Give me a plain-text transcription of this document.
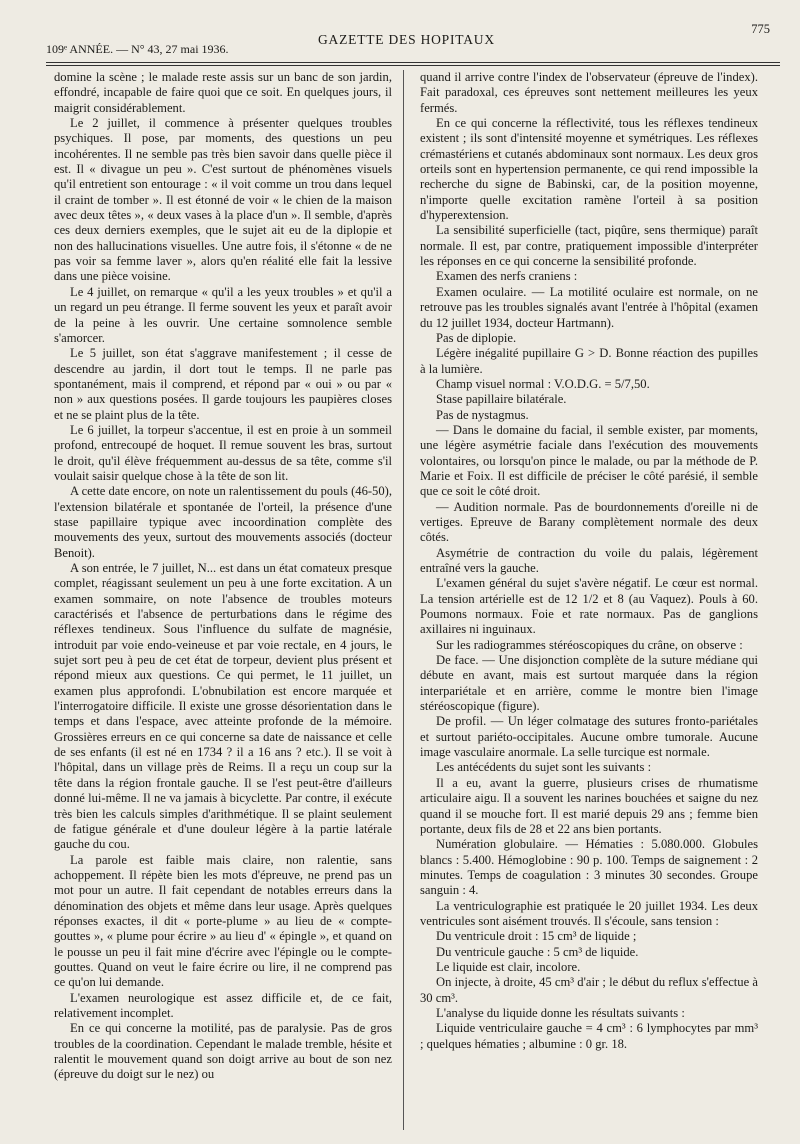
109ᵉ ANNÉE. — N° 43, 27 mai 1936.
GAZETTE DES HOPITAUX
775

domine la scène ; le malade reste assis sur un banc de son jardin, effondré, incapable de faire quoi que ce soit. En quelques jours, il maigrit considérablement.

Le 2 juillet, il commence à présenter quelques troubles psychiques. Il pose, par moments, des questions un peu incohérentes. Il ne semble pas très bien savoir dans quelle pièce il est. Il « divague un peu ». C'est surtout de phénomènes visuels qu'il entretient son entourage : « il voit comme un trou dans lequel il craint de tomber ». Il est étonné de voir « le chien de la maison avec deux têtes », « deux vases à la place d'un ». Il semble, d'après ces deux derniers exemples, que le sujet ait eu de la diplopie et non des hallucinations visuelles. Une autre fois, il s'étonne « de ne pas voir sa femme laver », alors qu'en réalité elle fait la lessive dans une pièce voisine.

Le 4 juillet, on remarque « qu'il a les yeux troubles » et qu'il a un regard un peu étrange. Il ferme souvent les yeux et paraît avoir de la peine à les ouvrir. Une certaine somnolence semble s'amorcer.

Le 5 juillet, son état s'aggrave manifestement ; il cesse de descendre au jardin, il dort tout le temps. Il ne parle pas spontanément, mais il comprend, et répond par « oui » ou par « non » aux questions posées. Il garde toujours les paupières closes et ne se plaint plus de la tête.

Le 6 juillet, la torpeur s'accentue, il est en proie à un sommeil profond, entrecoupé de hoquet. Il remue souvent les bras, surtout le droit, qu'il élève fréquemment au-dessus de sa tête, comme s'il voulait saisir quelque chose à la tête de son lit.

A cette date encore, on note un ralentissement du pouls (46-50), l'extension bilatérale et spontanée de l'orteil, la présence d'une stase papillaire typique avec incoordination complète des mouvements des yeux, surtout des mouvements associés (docteur Benoit).

A son entrée, le 7 juillet, N... est dans un état comateux presque complet, réagissant seulement un peu à une forte excitation. A un examen sommaire, on note l'absence de troubles moteurs caractérisés et l'absence de perturbations dans le régime des réflexes tendineux. Sous l'influence du sulfate de magnésie, introduit par voie endo-veineuse et par voie rectale, en 4 jours, le sujet sort peu à peu de cet état de torpeur, devient plus présent et répond mieux aux questions. Ce qui permet, le 11 juillet, un examen plus approfondi. L'obnubilation est encore marquée et l'interrogatoire difficile. Il existe une grosse désorientation dans le temps et dans l'espace, avec atteinte profonde de la mémoire. Grossières erreurs en ce qui concerne sa date de naissance et celle de ses enfants (il est né en 1734 ? il a 16 ans ? etc.). Il se voit à l'hôpital, dans un village près de Reims. Il a reçu un coup sur la tête dans la région frontale gauche. Il se l'est peut-être d'ailleurs donné lui-même. Il ne va jamais à bicyclette. Par contre, il exécute très bien les calculs simples d'arithmétique. Il se plaint seulement de fatigue générale et d'une douleur légère à la partie latérale gauche du cou.

La parole est faible mais claire, non ralentie, sans achoppement. Il répète bien les mots d'épreuve, ne prend pas un mot pour un autre. Il fait cependant de notables erreurs dans la dénomination des objets et même dans leur usage. Après quelques réponses exactes, il dit « porte-plume » au lieu de « compte-gouttes », « plume pour écrire » au lieu d' « épingle », et quand on le pousse un peu il fait mine d'écrire avec l'épingle ou le compte-gouttes. Quand on veut le faire écrire ou lire, il ne comprend pas ce qu'on lui demande.

L'examen neurologique est assez difficile et, de ce fait, relativement incomplet.

En ce qui concerne la motilité, pas de paralysie. Pas de gros troubles de la coordination. Cependant le malade tremble, hésite et ralentit le mouvement quand son doigt arrive au bout de son nez (épreuve du doigt sur le nez) ou

quand il arrive contre l'index de l'observateur (épreuve de l'index). Fait paradoxal, ces épreuves sont nettement meilleures les yeux fermés.

En ce qui concerne la réflectivité, tous les réflexes tendineux existent ; ils sont d'intensité moyenne et symétriques. Les réflexes crémastériens et cutanés abdominaux sont normaux. Les deux gros orteils sont en hypertension permanente, ce qui rend impossible la recherche du signe de Babinski, car, de la position moyenne, n'importe quelle excitation ramène l'orteil à sa position d'hyperextension.

La sensibilité superficielle (tact, piqûre, sens thermique) paraît normale. Il est, par contre, pratiquement impossible d'interpréter les réponses en ce qui concerne la sensibilité profonde.

Examen des nerfs craniens :

Examen oculaire. — La motilité oculaire est normale, on ne retrouve pas les troubles signalés avant l'entrée à l'hôpital (examen du 12 juillet 1934, docteur Hartmann).

Pas de diplopie.

Légère inégalité pupillaire G > D. Bonne réaction des pupilles à la lumière.

Champ visuel normal : V.O.D.G. = 5/7,50.

Stase papillaire bilatérale.

Pas de nystagmus.

— Dans le domaine du facial, il semble exister, par moments, une légère asymétrie faciale dans l'exécution des mouvements volontaires, ou lorsqu'on pince le malade, ou par la méthode de P. Marie et Foix. Il est difficile de préciser le côté parésié, il semble que ce soit le côté droit.

— Audition normale. Pas de bourdonnements d'oreille ni de vertiges. Epreuve de Barany complètement normale des deux côtés.

Asymétrie de contraction du voile du palais, légèrement entraîné vers la gauche.

L'examen général du sujet s'avère négatif. Le cœur est normal. La tension artérielle est de 12 1/2 et 8 (au Vaquez). Pouls à 60. Poumons normaux. Foie et rate normaux. Pas de ganglions axillaires ni inguinaux.

Sur les radiogrammes stéréoscopiques du crâne, on observe :

De face. — Une disjonction complète de la suture médiane qui débute en avant, mais est surtout marquée dans la région interpariétale et en arrière, comme le montre bien l'image stéréoscopique (figure).

De profil. — Un léger colmatage des sutures fronto-pariétales et surtout pariéto-occipitales. Aucune ombre tumorale. Aucune image vasculaire anormale. La selle turcique est normale.

Les antécédents du sujet sont les suivants :

Il a eu, avant la guerre, plusieurs crises de rhumatisme articulaire aigu. Il a souvent les narines bouchées et saigne du nez quand il se mouche fort. Il est marié depuis 29 ans ; femme bien portante, deux fils de 28 et 22 ans bien portants.

Numération globulaire. — Hématies : 5.080.000. Globules blancs : 5.400. Hémoglobine : 90 p. 100. Temps de saignement : 2 minutes. Temps de coagulation : 3 minutes 30 secondes. Groupe sanguin : 4.

La ventriculographie est pratiquée le 20 juillet 1934. Les deux ventricules sont aisément trouvés. Il s'écoule, sans tension :

Du ventricule droit : 15 cm³ de liquide ;

Du ventricule gauche : 5 cm³ de liquide.

Le liquide est clair, incolore.

On injecte, à droite, 45 cm³ d'air ; le début du reflux s'effectue à 30 cm³.

L'analyse du liquide donne les résultats suivants :

Liquide ventriculaire gauche = 4 cm³ : 6 lymphocytes par mm³ ; quelques hématies ; albumine : 0 gr. 18.
